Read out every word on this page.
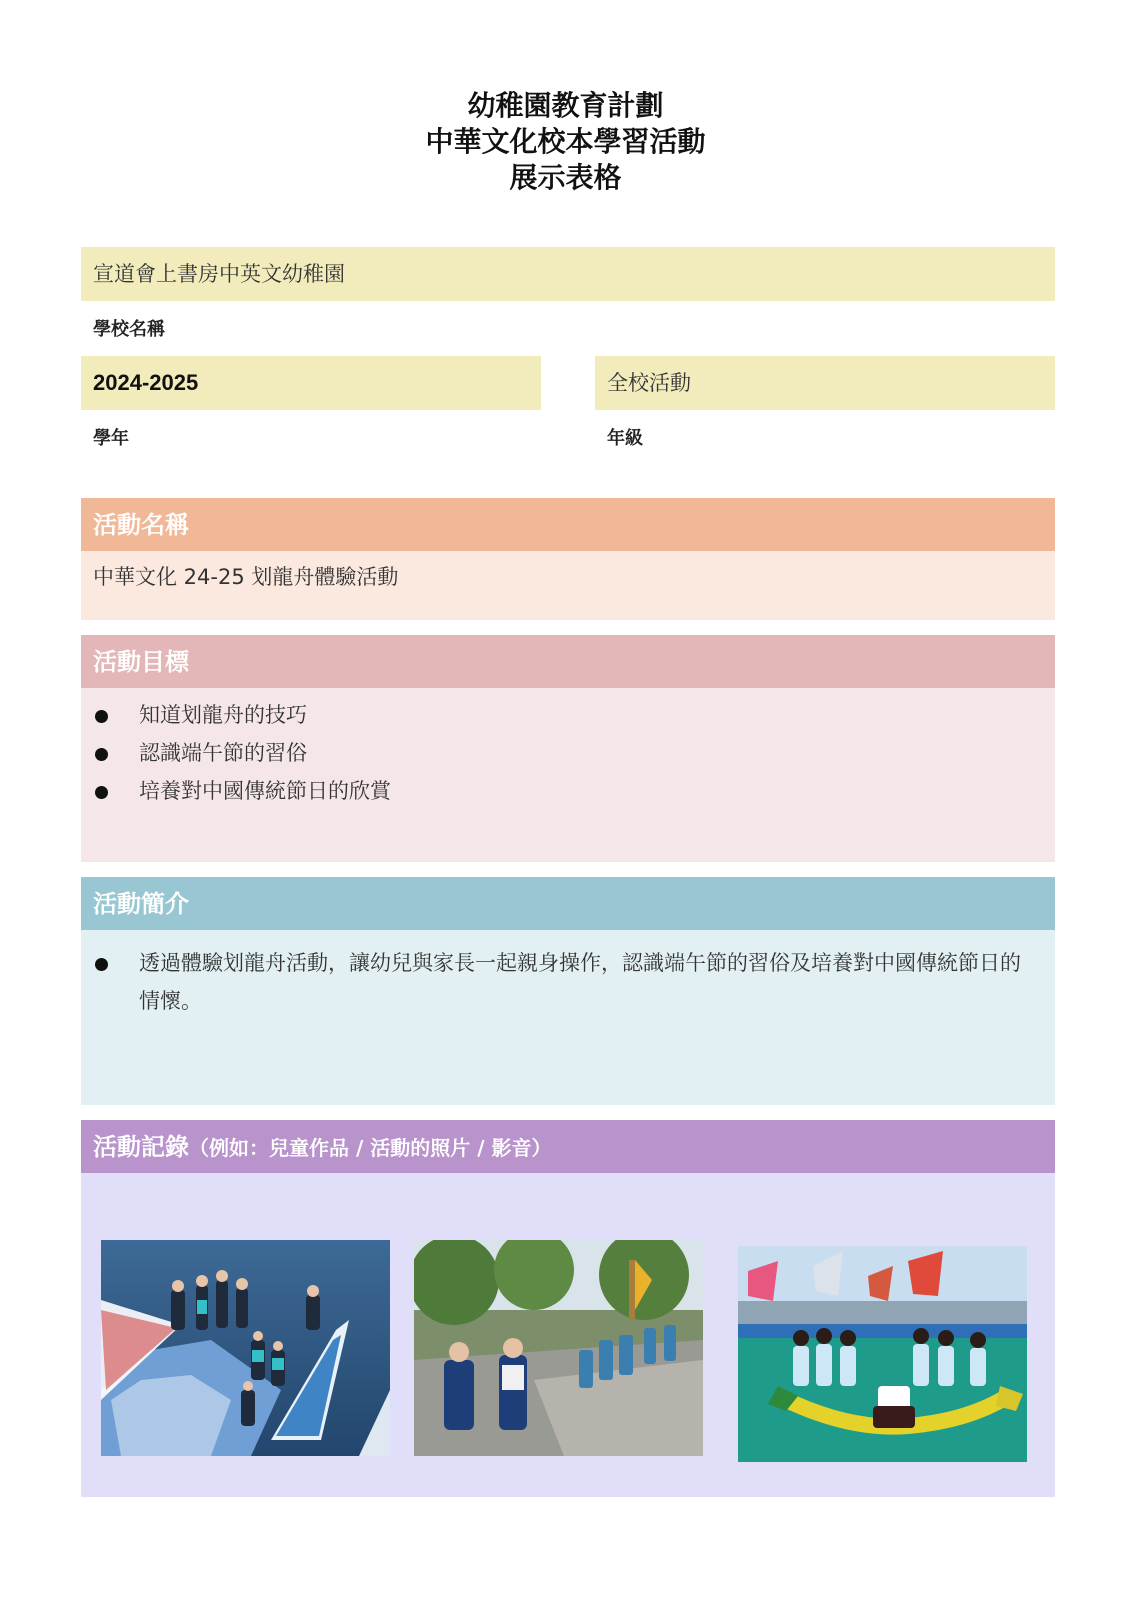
幼稚園教育計劃
中華文化校本學習活動
展示表格
宣道會上書房中英文幼稚園
學校名稱
2024-2025
學年
全校活動
年級
活動名稱
中華文化 24-25 划龍舟體驗活動
活動目標
知道划龍舟的技巧
認識端午節的習俗
培養對中國傳統節日的欣賞
活動簡介
透過體驗划龍舟活動，讓幼兒與家長一起親身操作，認識端午節的習俗及培養對中國傳統節日的情懷。
活動記錄（例如：兒童作品 / 活動的照片 / 影音）
